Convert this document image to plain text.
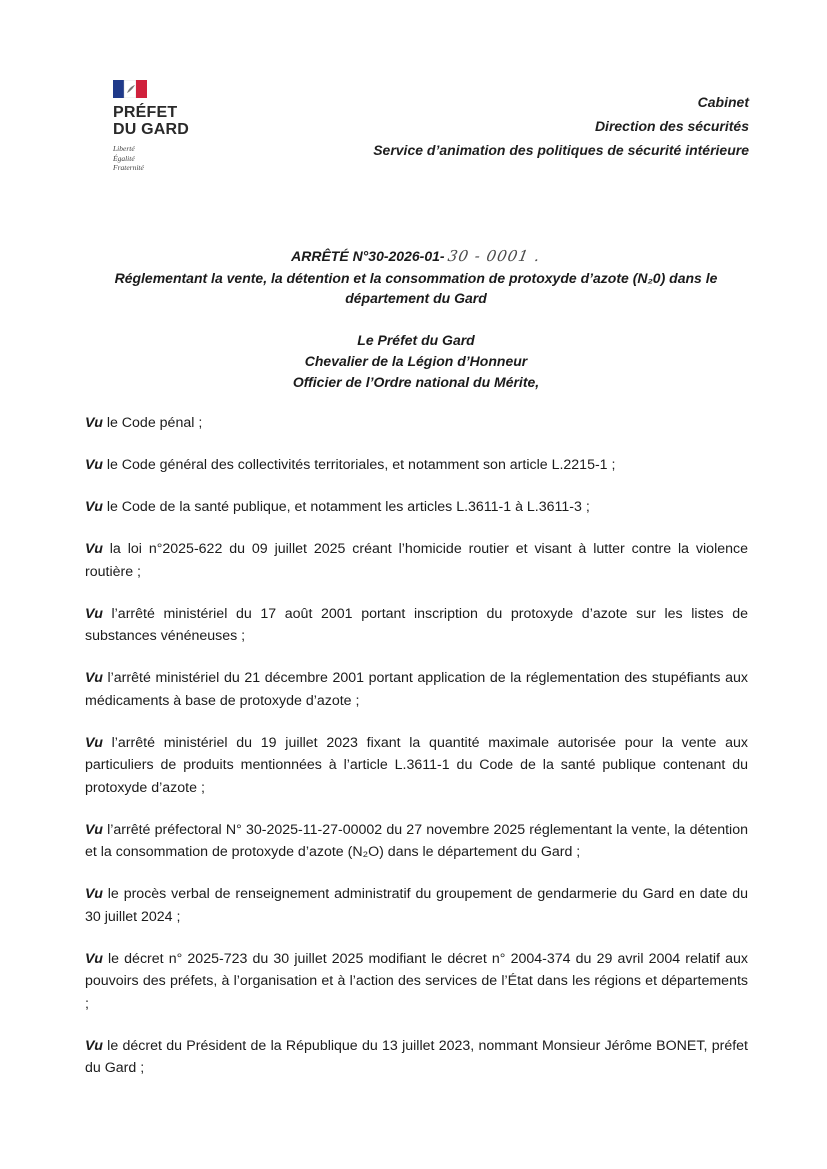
PRÉFET
DU GARD
Liberté
Égalité
Fraternité
Cabinet
Direction des sécurités
Service d’animation des politiques de sécurité intérieure
ARRÊTÉ N°30-2026-01- 30 - 0001 .
Réglementant la vente, la détention et la consommation de protoxyde d’azote (N₂0) dans le
département du Gard
Le Préfet du Gard
Chevalier de la Légion d’Honneur
Officier de l’Ordre national du Mérite,

Vu le Code pénal ;

Vu le Code général des collectivités territoriales, et notamment son article L.2215-1 ;

Vu le Code de la santé publique, et notamment les articles L.3611-1 à L.3611-3 ;

Vu la loi n°2025-622 du 09 juillet 2025 créant l’homicide routier et visant à lutter contre la violence routière ;

Vu l’arrêté ministériel du 17 août 2001 portant inscription du protoxyde d’azote sur les listes de substances vénéneuses ;

Vu l’arrêté ministériel du 21 décembre 2001 portant application de la réglementation des stupéfiants aux médicaments à base de protoxyde d’azote ;

Vu l’arrêté ministériel du 19 juillet 2023 fixant la quantité maximale autorisée pour la vente aux particuliers de produits mentionnées à l’article L.3611-1 du Code de la santé publique contenant du protoxyde d’azote ;

Vu l’arrêté préfectoral N° 30-2025-11-27-00002 du 27 novembre 2025 réglementant la vente, la détention et la consommation de protoxyde d’azote (N₂O) dans le département du Gard ;

Vu le procès verbal de renseignement administratif du groupement de gendarmerie du Gard en date du 30 juillet 2024 ;

Vu le décret n° 2025-723 du 30 juillet 2025 modifiant le décret n° 2004-374 du 29 avril 2004 relatif aux pouvoirs des préfets, à l’organisation et à l’action des services de l’État dans les régions et départements ;

Vu le décret du Président de la République du 13 juillet 2023, nommant Monsieur Jérôme BONET, préfet du Gard ;
